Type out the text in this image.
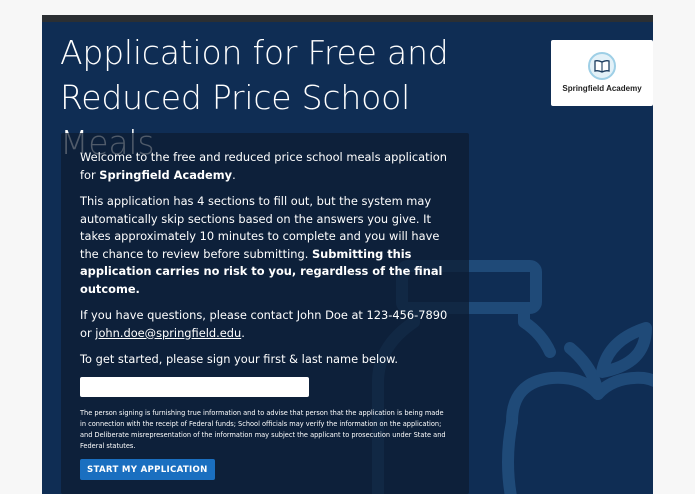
Application for Free and
Reduced Price School	Springfield Academy

Welcome to the free and reduced price school meals application for Springfield Academy.

This application has 4 sections to fill out, but the system may automatically skip sections based on the answers you give. It takes approximately 10 minutes to complete and you will have the chance to review before submitting. Submitting this application carries no risk to you, regardless of the final outcome.

If you have questions, please contact John Doe at 123-456-7890 or john.doe@springfield.edu.

To get started, please sign your first & last name below.

The person signing is furnishing true information and to advise that person that the application is being made in connection with the receipt of Federal funds; School officials may verify the information on the application; and Deliberate misrepresentation of the information may subject the applicant to prosecution under State and Federal statutes.
START MY APPLICATION
